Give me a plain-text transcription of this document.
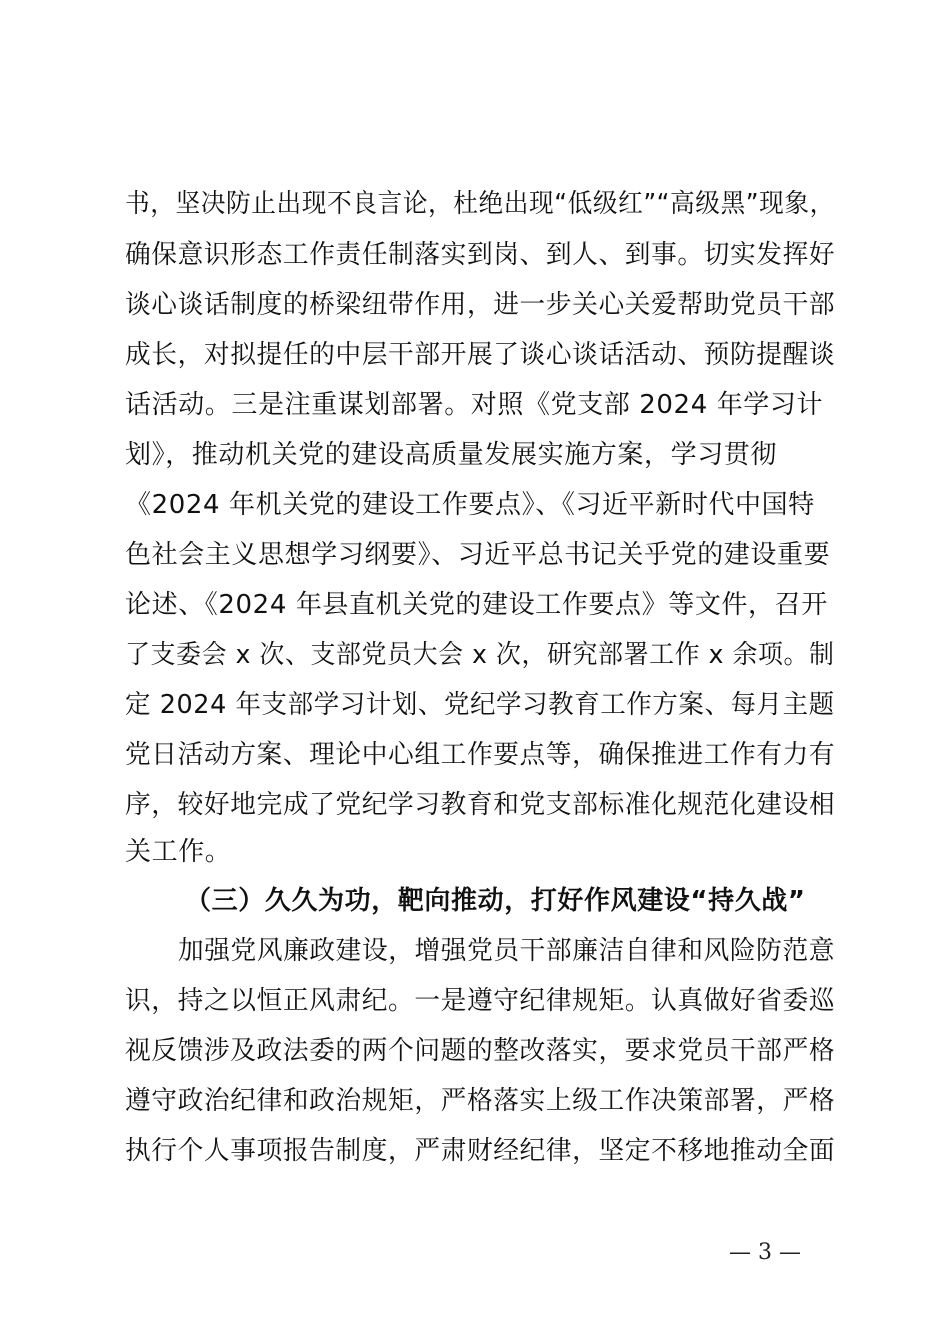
书，坚决防止出现不良言论，杜绝出现“低级红”“高级黑”现象，
确保意识形态工作责任制落实到岗、到人、到事。切实发挥好
谈心谈话制度的桥梁纽带作用，进一步关心关爱帮助党员干部
成长，对拟提任的中层干部开展了谈心谈话活动、预防提醒谈
话活动。三是注重谋划部署。对照《党支部 2024 年学习计
划》，推动机关党的建设高质量发展实施方案，学习贯彻
《2024 年机关党的建设工作要点》、《习近平新时代中国特
色社会主义思想学习纲要》、习近平总书记关乎党的建设重要
论述、《2024 年县直机关党的建设工作要点》等文件，召开
了支委会 x 次、支部党员大会 x 次，研究部署工作 x 余项。制
定 2024 年支部学习计划、党纪学习教育工作方案、每月主题
党日活动方案、理论中心组工作要点等，确保推进工作有力有
序，较好地完成了党纪学习教育和党支部标准化规范化建设相
关工作。
（三）久久为功，靶向推动，打好作风建设“持久战”
加强党风廉政建设，增强党员干部廉洁自律和风险防范意
识，持之以恒正风肃纪。一是遵守纪律规矩。认真做好省委巡
视反馈涉及政法委的两个问题的整改落实，要求党员干部严格
遵守政治纪律和政治规矩，严格落实上级工作决策部署，严格
执行个人事项报告制度，严肃财经纪律，坚定不移地推动全面
— 3 —
